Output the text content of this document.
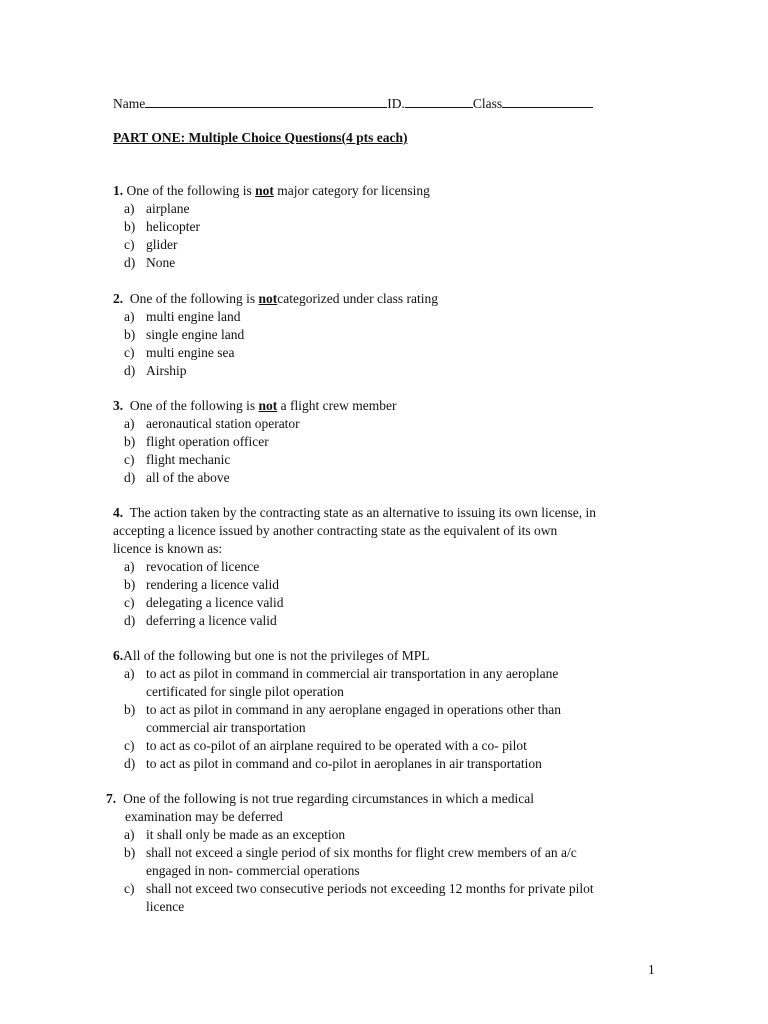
Name	ID.	Class
PART ONE: Multiple Choice Questions(4 pts each)
1. One of the following is not major category for licensing
a) airplane
b) helicopter
c) glider
d) None
2.  One of the following is notcategorized under class rating
a) multi engine land
b) single engine land
c) multi engine sea
d) Airship
3.  One of the following is not a flight crew member
a) aeronautical station operator
b) flight operation officer
c) flight mechanic
d) all of the above
4.  The action taken by the contracting state as an alternative to issuing its own license, in
accepting a licence issued by another contracting state as the equivalent of its own
licence is known as:
a) revocation of licence
b) rendering a licence valid
c) delegating a licence valid
d) deferring a licence valid
6.All of the following but one is not the privileges of MPL
a) to act as pilot in command in commercial air transportation in any aeroplane
certificated for single pilot operation
b) to act as pilot in command in any aeroplane engaged in operations other than
commercial air transportation
c) to act as co-pilot of an airplane required to be operated with a co- pilot
d) to act as pilot in command and co-pilot in aeroplanes in air transportation
7. One of the following is not true regarding circumstances in which a medical
examination may be deferred
a) it shall only be made as an exception
b) shall not exceed a single period of six months for flight crew members of an a/c
engaged in non- commercial operations
c) shall not exceed two consecutive periods not exceeding 12 months for private pilot
licence
1
